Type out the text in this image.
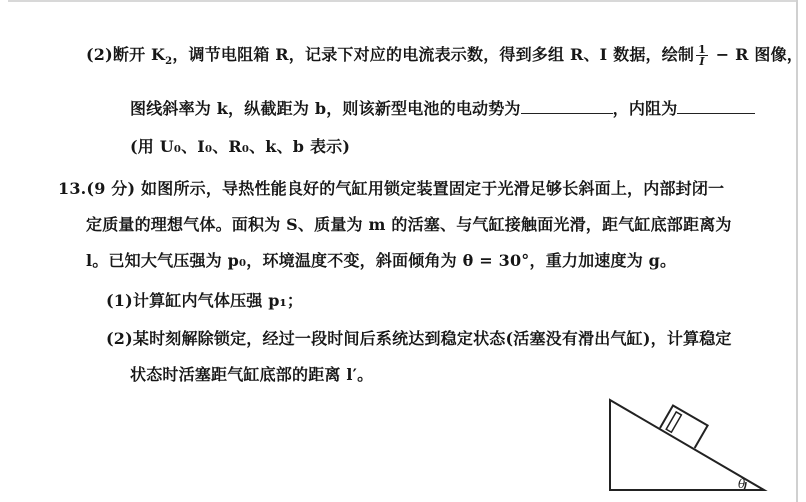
(2)断开 $K_2$，调节电阻箱 R，记录下对应的电流表示数，得到多组 R、I 数据，绘制 $\frac{1}{I} - R$ 图像，
图线斜率为 k，纵截距为 b，则该新型电池的电动势为	，内阻为
(用 U₀、I₀、R₀、k、b 表示)
13.(9 分) 如图所示，导热性能良好的气缸用锁定装置固定于光滑足够长斜面上，内部封闭一
定质量的理想气体。面积为 S、质量为 m 的活塞、与气缸接触面光滑，距气缸底部距离为
l。已知大气压强为 p₀，环境温度不变，斜面倾角为 θ = 30°，重力加速度为 g。
(1)计算缸内气体压强 p₁；
(2)某时刻解除锁定，经过一段时间后系统达到稳定状态(活塞没有滑出气缸)，计算稳定
状态时活塞距气缸底部的距离 l′。
θ
